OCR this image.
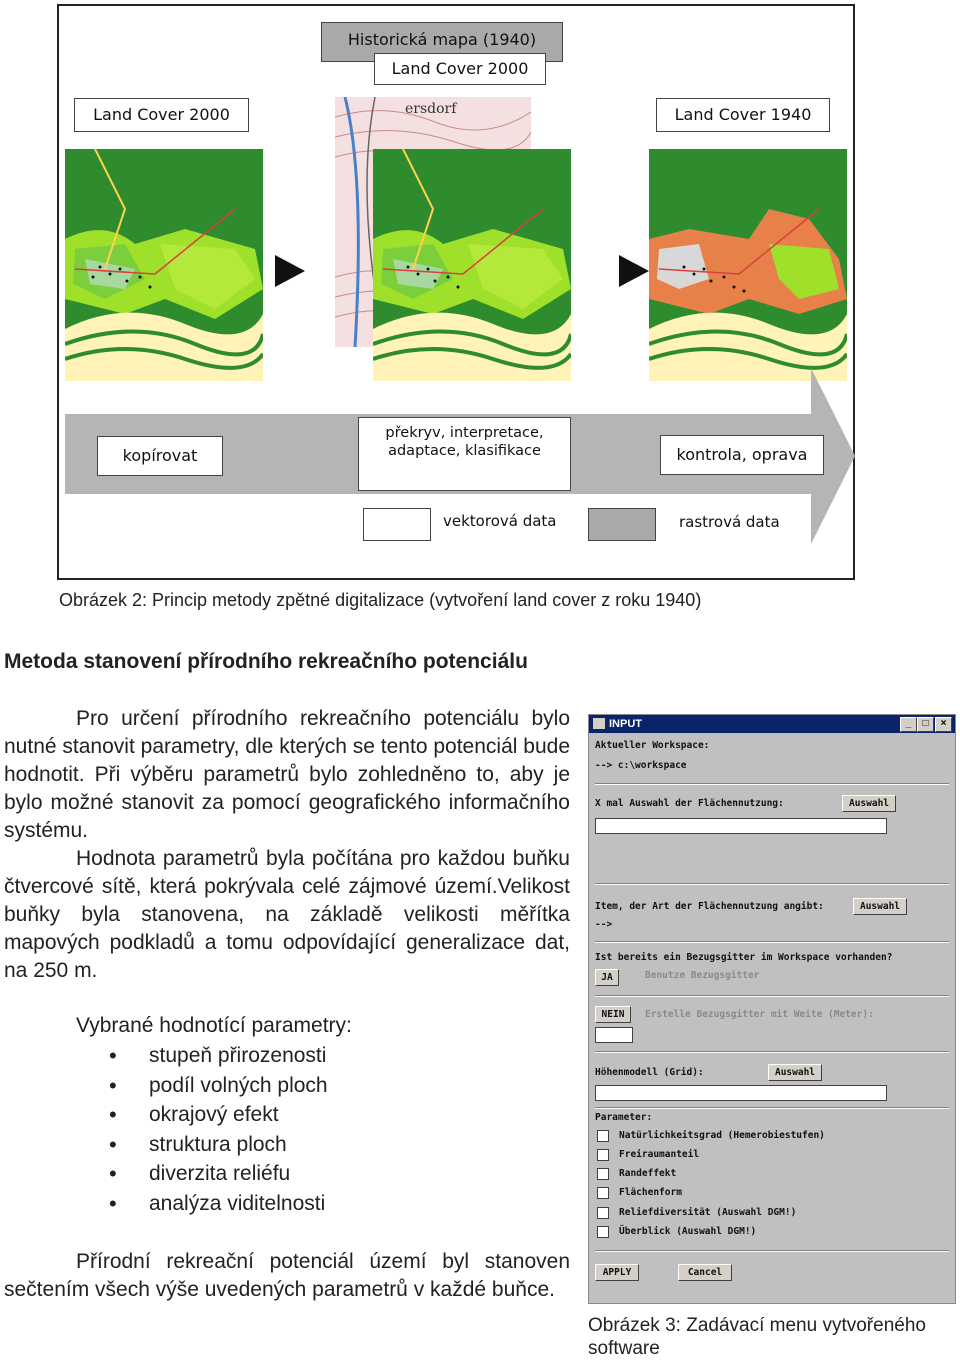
Historická mapa (1940)
Land Cover 2000
Land Cover 2000	Land Cover 1940
ersdorf
kopírovat
překryv, interpretace, adaptace, klasifikace	kontrola, oprava
vektorová data	rastrová data
Obrázek 2: Princip metody zpětné digitalizace (vytvoření land cover z roku 1940)
Metoda stanovení přírodního rekreačního potenciálu
Pro určení přírodního rekreačního potenciálu bylo nutné stanovit parametry, dle kterých se tento potenciál bude hodnotit. Při výběru parametrů bylo zohledněno to, aby je bylo možné stanovit za pomocí geografického informačního systému.
Hodnota parametrů byla počítána pro každou buňku čtvercové sítě, která pokrývala celé zájmové území.Velikost buňky byla stanovena, na základě velikosti měřítka mapových podkladů a tomu odpovídající generalizace dat, na 250 m.
Vybrané hodnotící parametry:
• stupeň přirozenosti
• podíl volných ploch
• okrajový efekt
• struktura ploch
• diverzita reliéfu
• analýza viditelnosti
Přírodní rekreační potenciál území byl stanoven sečtením všech výše uvedených parametrů v každé buňce.
INPUT	_	□	×
Aktueller Workspace:
--> c:\workspace
X mal Auswahl der Flächennutzung:	Auswahl
Item, der Art der Flächennutzung angibt:	Auswahl
-->
Ist bereits ein Bezugsgitter im Workspace vorhanden?
JA	Benutze Bezugsgitter
NEIN	Erstelle Bezugsgitter mit Weite (Meter):
Höhenmodell (Grid):	Auswahl
Parameter:
Natürlichkeitsgrad (Hemerobiestufen)
Freiraumanteil
Randeffekt
Flächenform
Reliefdiversität (Auswahl DGM!)
Überblick (Auswahl DGM!)
APPLY	Cancel
Obrázek 3: Zadávací menu vytvořeného software
